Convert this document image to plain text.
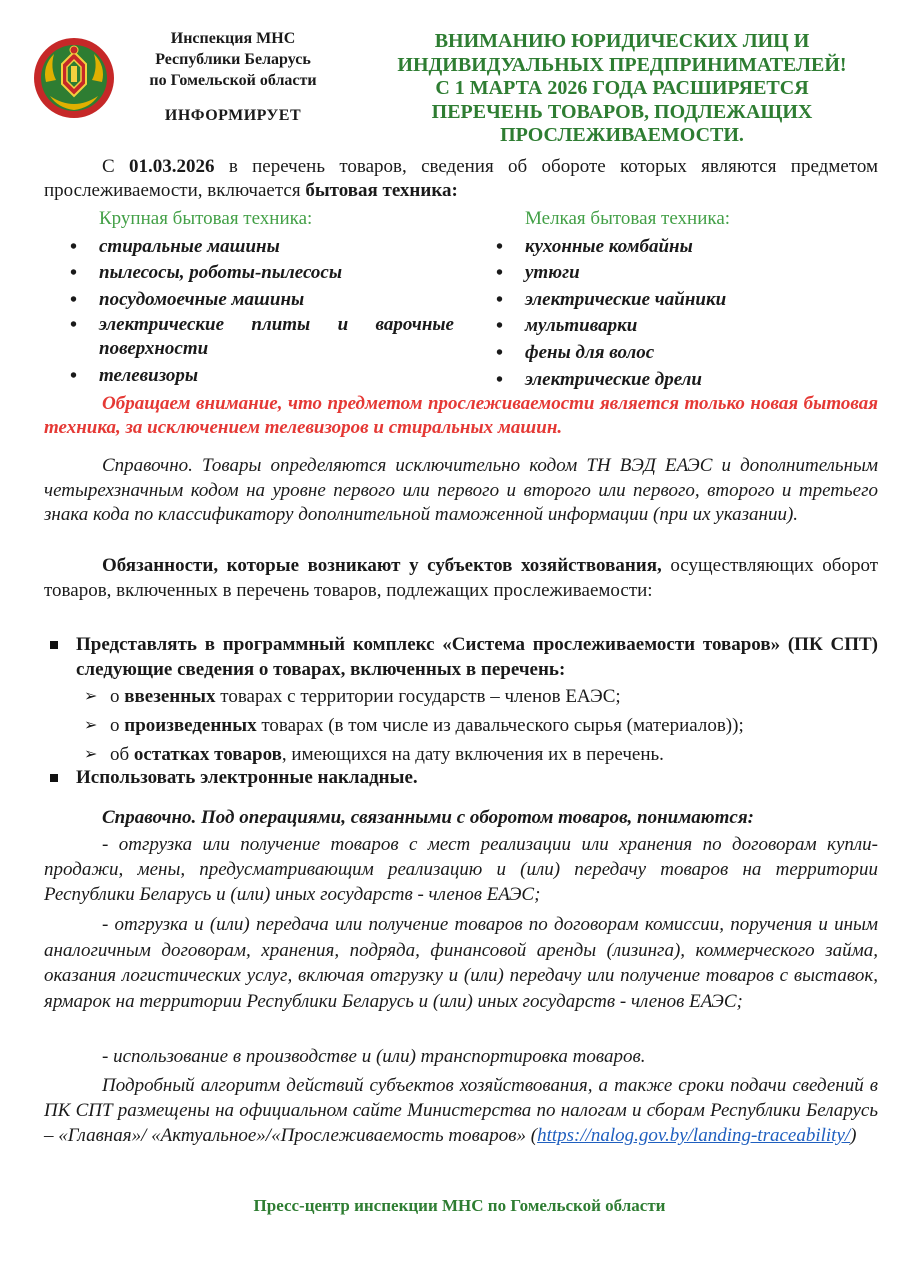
Инспекция МНС
Республики Беларусь
по Гомельской области
ИНФОРМИРУЕТ
ВНИМАНИЮ ЮРИДИЧЕСКИХ ЛИЦ И
ИНДИВИДУАЛЬНЫХ ПРЕДПРИНИМАТЕЛЕЙ!
С 1 МАРТА 2026 ГОДА РАСШИРЯЕТСЯ
ПЕРЕЧЕНЬ ТОВАРОВ, ПОДЛЕЖАЩИХ
ПРОСЛЕЖИВАЕМОСТИ.
С 01.03.2026 в перечень товаров, сведения об обороте которых являются предметом прослеживаемости, включается бытовая техника:
Крупная бытовая техника:
• стиральные машины
• пылесосы, роботы-пылесосы
• посудомоечные машины
• электрические плиты и варочные поверхности
• телевизоры
Мелкая бытовая техника:
• кухонные комбайны
• утюги
• электрические чайники
• мультиварки
• фены для волос
• электрические дрели
Обращаем внимание, что предметом прослеживаемости является только новая бытовая техника, за исключением телевизоров и стиральных машин.
Справочно. Товары определяются исключительно кодом ТН ВЭД ЕАЭС и дополнительным четырехзначным кодом на уровне первого или первого и второго или первого, второго и третьего знака кода по классификатору дополнительной таможенной информации (при их указании).
Обязанности, которые возникают у субъектов хозяйствования, осуществляющих оборот товаров, включенных в перечень товаров, подлежащих прослеживаемости:
Представлять в программный комплекс «Система прослеживаемости товаров» (ПК СПТ) следующие сведения о товарах, включенных в перечень:
➢ о ввезенных товарах с территории государств – членов ЕАЭС;
➢ о произведенных товарах (в том числе из давальческого сырья (материалов));
➢ об остатках товаров, имеющихся на дату включения их в перечень.
Использовать электронные накладные.
Справочно. Под операциями, связанными с оборотом товаров, понимаются:
- отгрузка или получение товаров с мест реализации или хранения по договорам купли-продажи, мены, предусматривающим реализацию и (или) передачу товаров на территории Республики Беларусь и (или) иных государств - членов ЕАЭС;
- отгрузка и (или) передача или получение товаров по договорам комиссии, поручения и иным аналогичным договорам, хранения, подряда, финансовой аренды (лизинга), коммерческого займа, оказания логистических услуг, включая отгрузку и (или) передачу или получение товаров с выставок, ярмарок на территории Республики Беларусь и (или) иных государств - членов ЕАЭС;
- использование в производстве и (или) транспортировка товаров.
Подробный алгоритм действий субъектов хозяйствования, а также сроки подачи сведений в ПК СПТ размещены на официальном сайте Министерства по налогам и сборам Республики Беларусь – «Главная»/ «Актуальное»/«Прослеживаемость товаров» (https://nalog.gov.by/landing-traceability/)
Пресс-центр инспекции МНС по Гомельской области
